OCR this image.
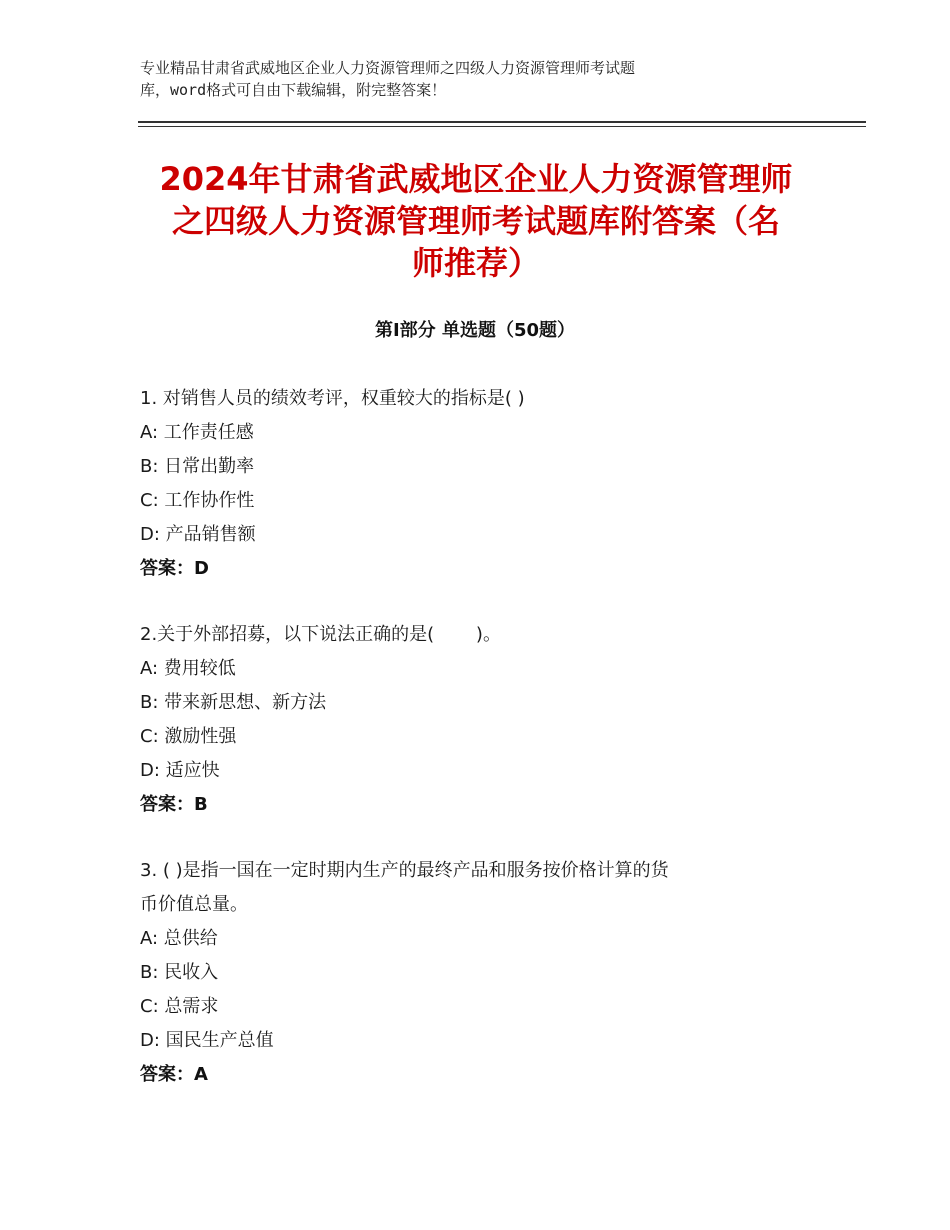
专业精品甘肃省武威地区企业人力资源管理师之四级人力资源管理师考试题
库，word格式可自由下载编辑，附完整答案！
2024年甘肃省武威地区企业人力资源管理师
之四级人力资源管理师考试题库附答案（名
师推荐）
第Ⅰ部分 单选题（50题）
1. 对销售人员的绩效考评，权重较大的指标是( )
A: 工作责任感
B: 日常出勤率
C: 工作协作性
D: 产品销售额
答案：D
2.关于外部招募，以下说法正确的是(　　 )。
A: 费用较低
B: 带来新思想、新方法
C: 激励性强
D: 适应快
答案：B
3. ( )是指一国在一定时期内生产的最终产品和服务按价格计算的货
币价值总量。
A: 总供给
B: 民收入
C: 总需求
D: 国民生产总值
答案：A
